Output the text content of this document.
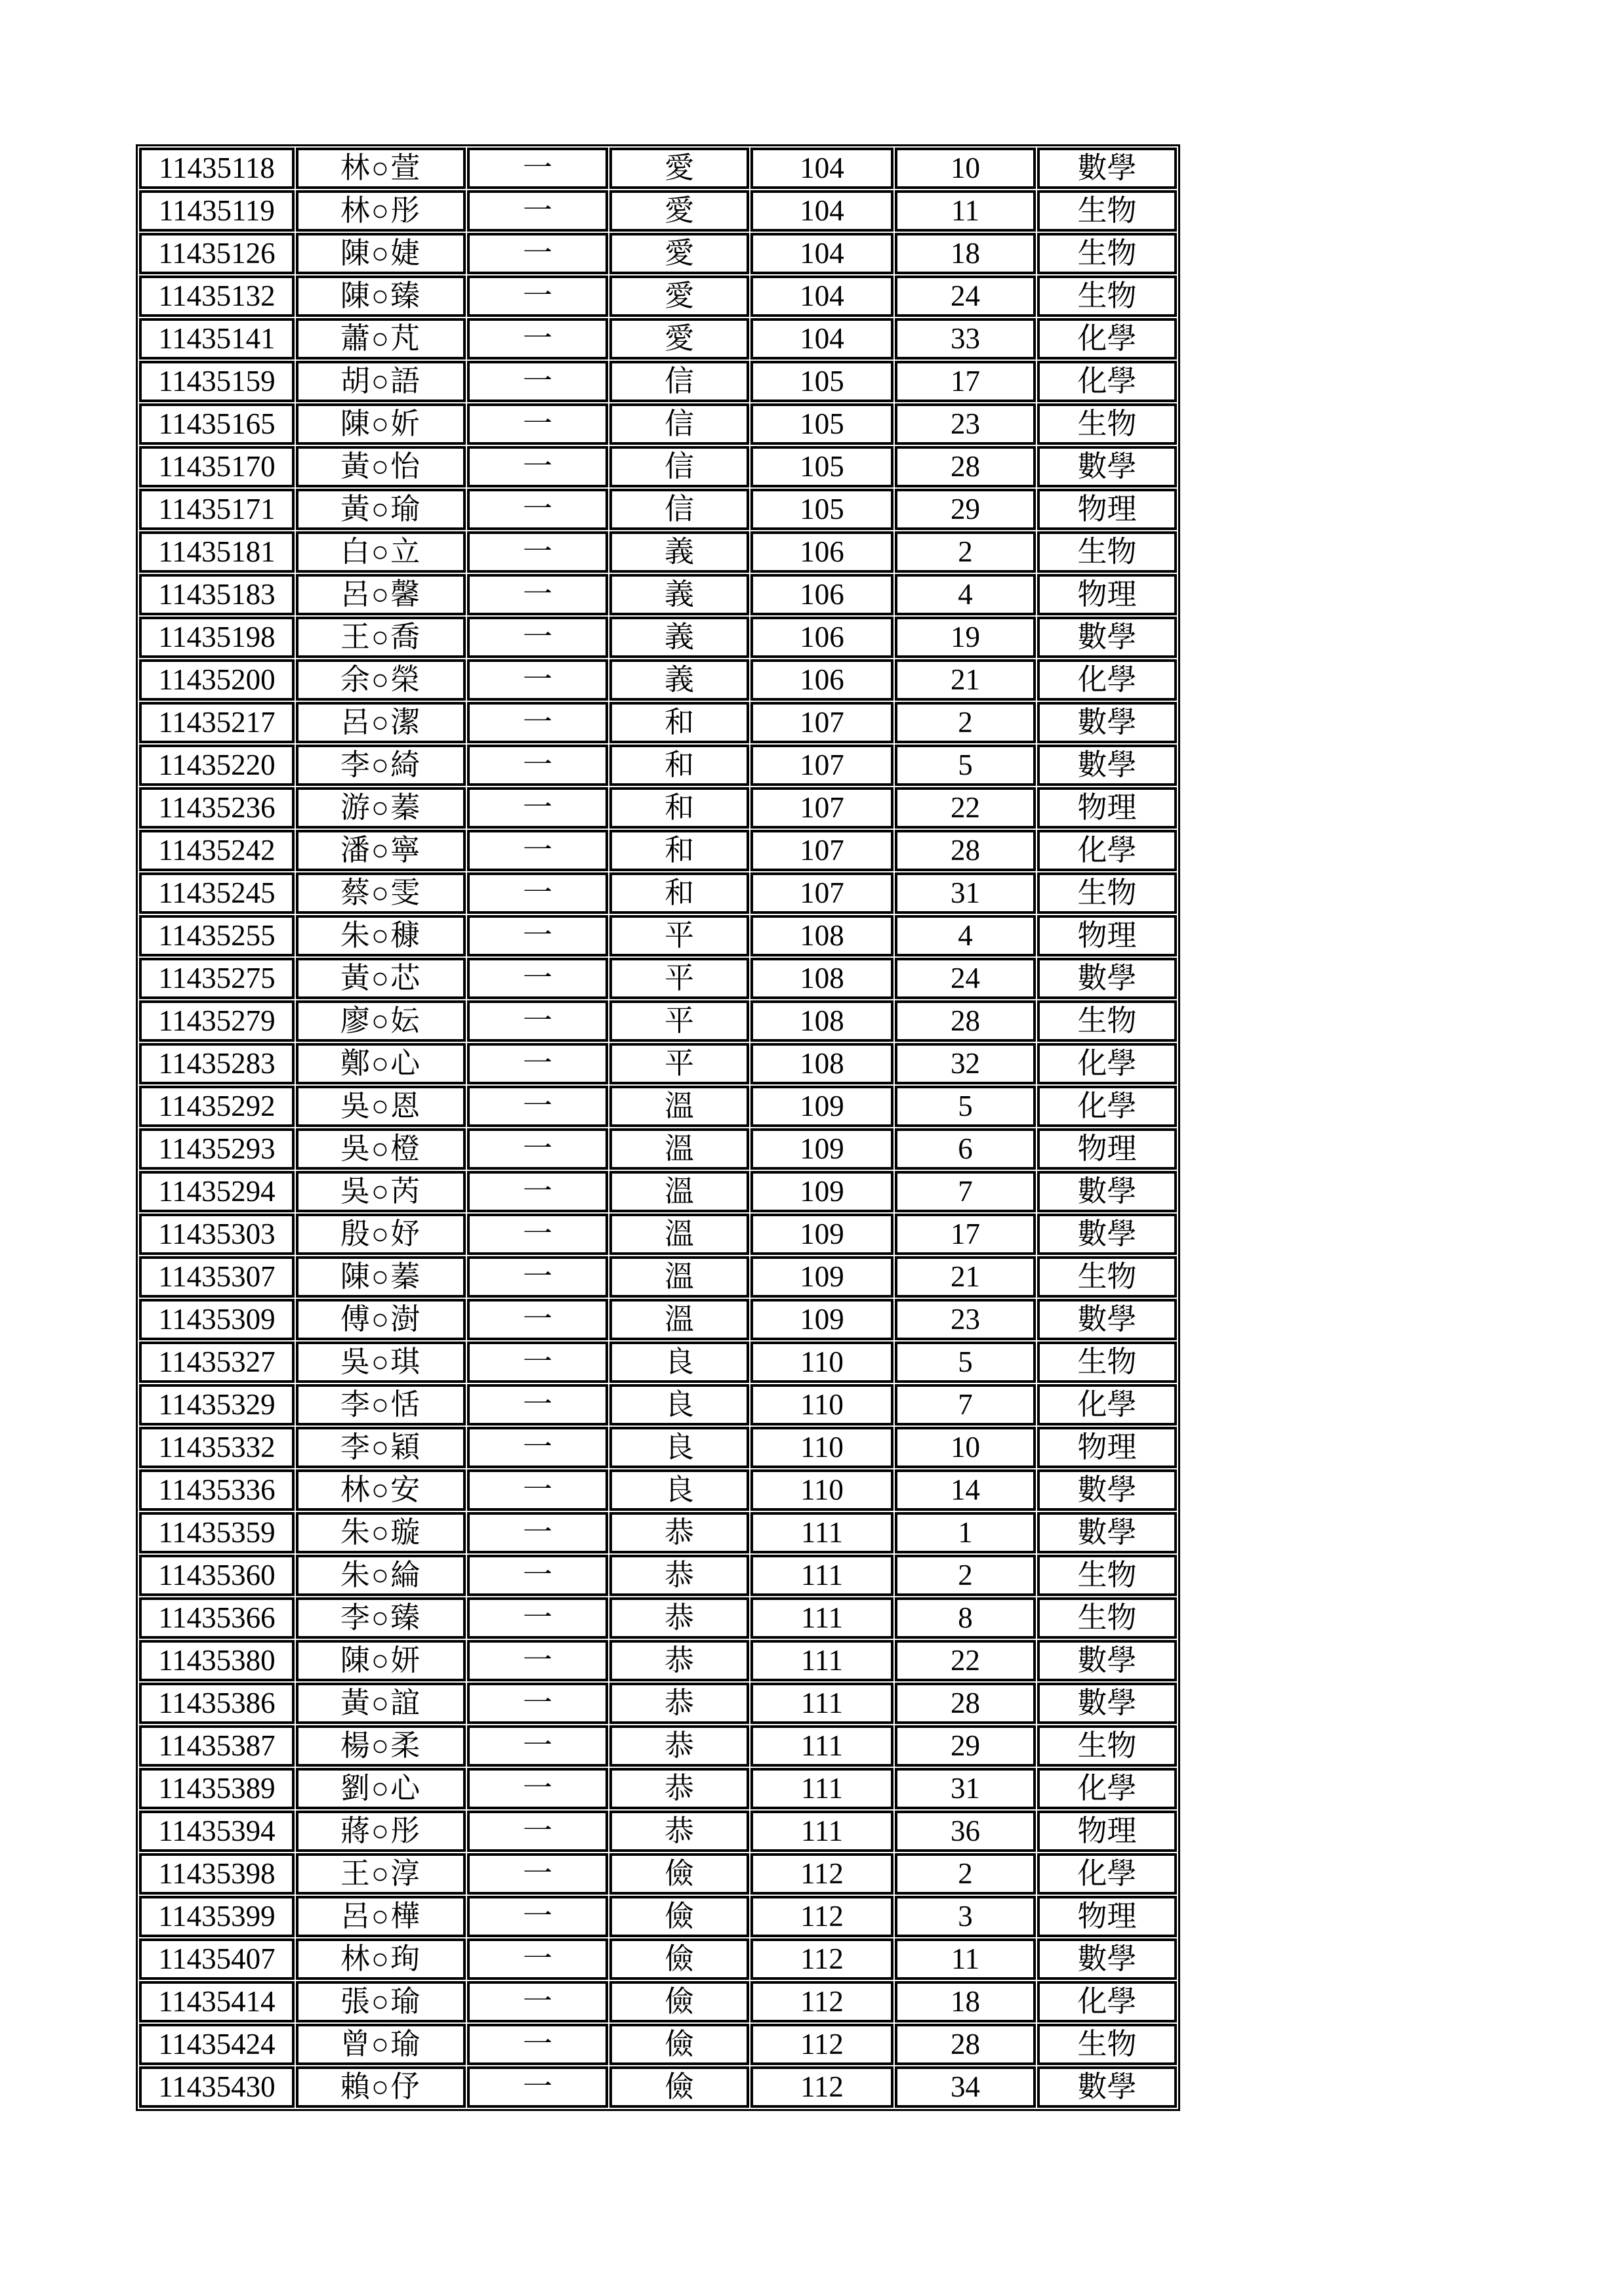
11435118	林○萱	一	愛	104	10	數學
11435119	林○彤	一	愛	104	11	生物
11435126	陳○婕	一	愛	104	18	生物
11435132	陳○臻	一	愛	104	24	生物
11435141	蕭○芃	一	愛	104	33	化學
11435159	胡○語	一	信	105	17	化學
11435165	陳○妡	一	信	105	23	生物
11435170	黃○怡	一	信	105	28	數學
11435171	黃○瑜	一	信	105	29	物理
11435181	白○立	一	義	106	2	生物
11435183	呂○馨	一	義	106	4	物理
11435198	王○喬	一	義	106	19	數學
11435200	余○榮	一	義	106	21	化學
11435217	呂○潔	一	和	107	2	數學
11435220	李○綺	一	和	107	5	數學
11435236	游○蓁	一	和	107	22	物理
11435242	潘○寧	一	和	107	28	化學
11435245	蔡○雯	一	和	107	31	生物
11435255	朱○穅	一	平	108	4	物理
11435275	黃○芯	一	平	108	24	數學
11435279	廖○妘	一	平	108	28	生物
11435283	鄭○心	一	平	108	32	化學
11435292	吳○恩	一	溫	109	5	化學
11435293	吳○橙	一	溫	109	6	物理
11435294	吳○芮	一	溫	109	7	數學
11435303	殷○妤	一	溫	109	17	數學
11435307	陳○蓁	一	溫	109	21	生物
11435309	傅○澍	一	溫	109	23	數學
11435327	吳○琪	一	良	110	5	生物
11435329	李○恬	一	良	110	7	化學
11435332	李○穎	一	良	110	10	物理
11435336	林○安	一	良	110	14	數學
11435359	朱○璇	一	恭	111	1	數學
11435360	朱○綸	一	恭	111	2	生物
11435366	李○臻	一	恭	111	8	生物
11435380	陳○妍	一	恭	111	22	數學
11435386	黃○誼	一	恭	111	28	數學
11435387	楊○柔	一	恭	111	29	生物
11435389	劉○心	一	恭	111	31	化學
11435394	蔣○彤	一	恭	111	36	物理
11435398	王○淳	一	儉	112	2	化學
11435399	呂○樺	一	儉	112	3	物理
11435407	林○珣	一	儉	112	11	數學
11435414	張○瑜	一	儉	112	18	化學
11435424	曾○瑜	一	儉	112	28	生物
11435430	賴○伃	一	儉	112	34	數學
